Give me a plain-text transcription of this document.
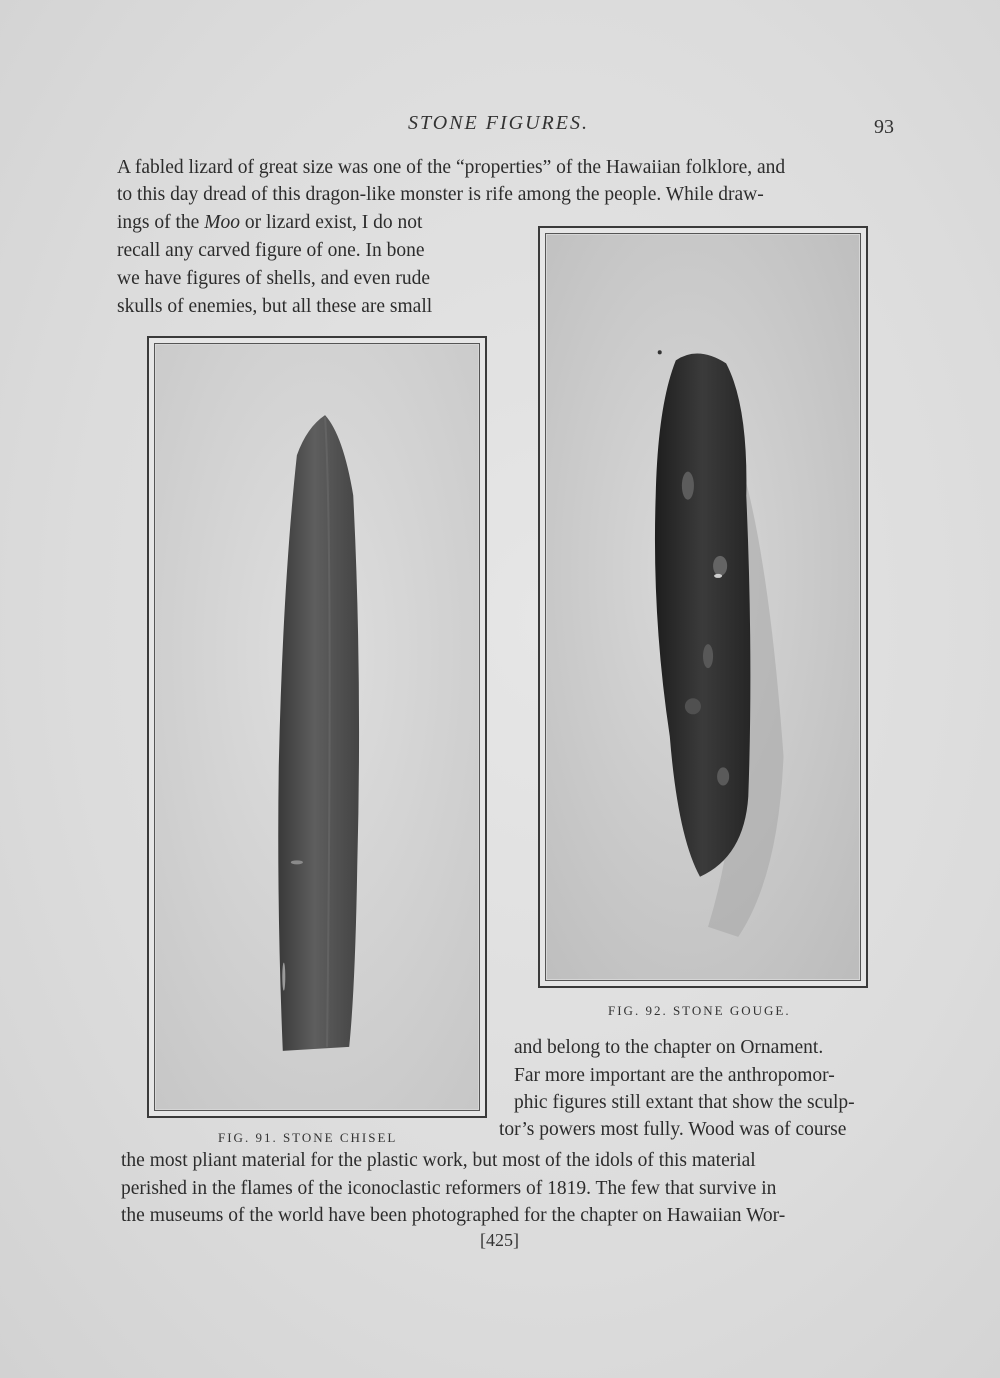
STONE FIGURES.	93
A fabled lizard of great size was one of the “properties” of the Hawaiian folklore, and
to this day dread of this dragon-like monster is rife among the people. While draw-
ings of the Moo or lizard exist, I do not
recall any carved figure of one. In bone
we have figures of shells, and even rude
skulls of enemies, but all these are small
FIG. 92. STONE GOUGE.
FIG. 91. STONE CHISEL
and belong to the chapter on Ornament.
Far more important are the anthropomor-
phic figures still extant that show the sculp-
tor’s powers most fully. Wood was of course
the most pliant material for the plastic work, but most of the idols of this material
perished in the flames of the iconoclastic reformers of 1819. The few that survive in
the museums of the world have been photographed for the chapter on Hawaiian Wor-
[425]
